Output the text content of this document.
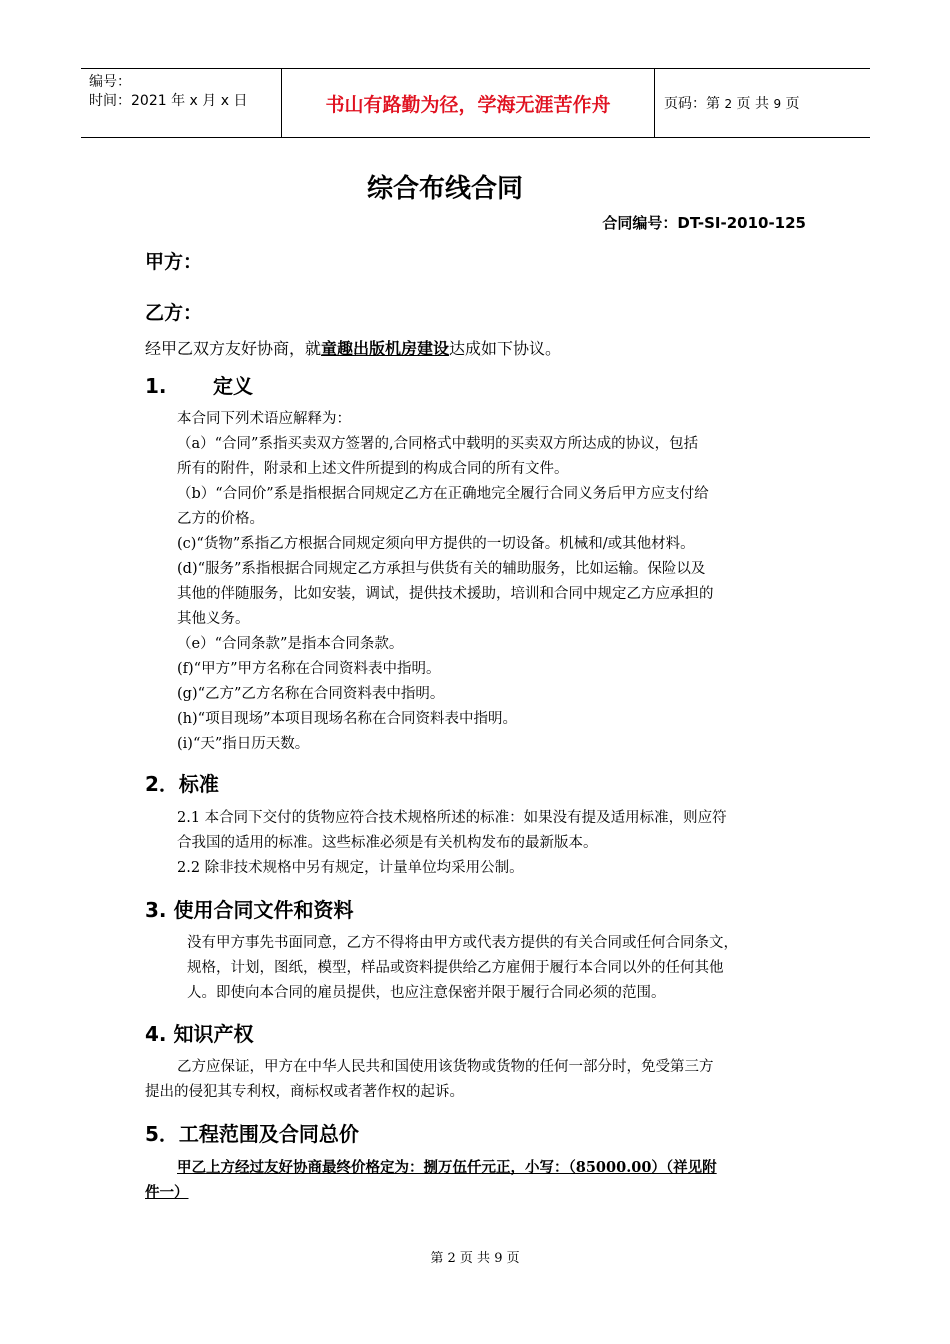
编号：
时间：2021 年 x 月 x 日	书山有路勤为径，学海无涯苦作舟	页码：第 2 页 共 9 页
综合布线合同
合同编号：DT-SI-2010-125
甲方：
乙方：
经甲乙双方友好协商，就童趣出版机房建设达成如下协议。
1. 定义
本合同下列术语应解释为：
（a）“合同”系指买卖双方签署的,合同格式中载明的买卖双方所达成的协议，包括
所有的附件，附录和上述文件所提到的构成合同的所有文件。
（b）“合同价”系是指根据合同规定乙方在正确地完全履行合同义务后甲方应支付给
乙方的价格。
(c)“货物”系指乙方根据合同规定须向甲方提供的一切设备。机械和/或其他材料。
(d)“服务”系指根据合同规定乙方承担与供货有关的辅助服务，比如运输。保险以及
其他的伴随服务，比如安装，调试，提供技术援助，培训和合同中规定乙方应承担的
其他义务。
（e）“合同条款”是指本合同条款。
(f)“甲方”甲方名称在合同资料表中指明。
(g)“乙方”乙方名称在合同资料表中指明。
(h)“项目现场”本项目现场名称在合同资料表中指明。
(i)“天”指日历天数。
2．标准
2.1 本合同下交付的货物应符合技术规格所述的标准：如果没有提及适用标准，则应符
合我国的适用的标准。这些标准必须是有关机构发布的最新版本。
2.2 除非技术规格中另有规定，计量单位均采用公制。
3. 使用合同文件和资料
没有甲方事先书面同意，乙方不得将由甲方或代表方提供的有关合同或任何合同条文，
规格，计划，图纸，模型，样品或资料提供给乙方雇佣于履行本合同以外的任何其他
人。即使向本合同的雇员提供，也应注意保密并限于履行合同必须的范围。
4. 知识产权
乙方应保证，甲方在中华人民共和国使用该货物或货物的任何一部分时，免受第三方
提出的侵犯其专利权，商标权或者著作权的起诉。
5．工程范围及合同总价
甲乙上方经过友好协商最终价格定为：捌万伍仟元正，小写：（85000.00）（祥见附
件一）
第 2 页 共 9 页
